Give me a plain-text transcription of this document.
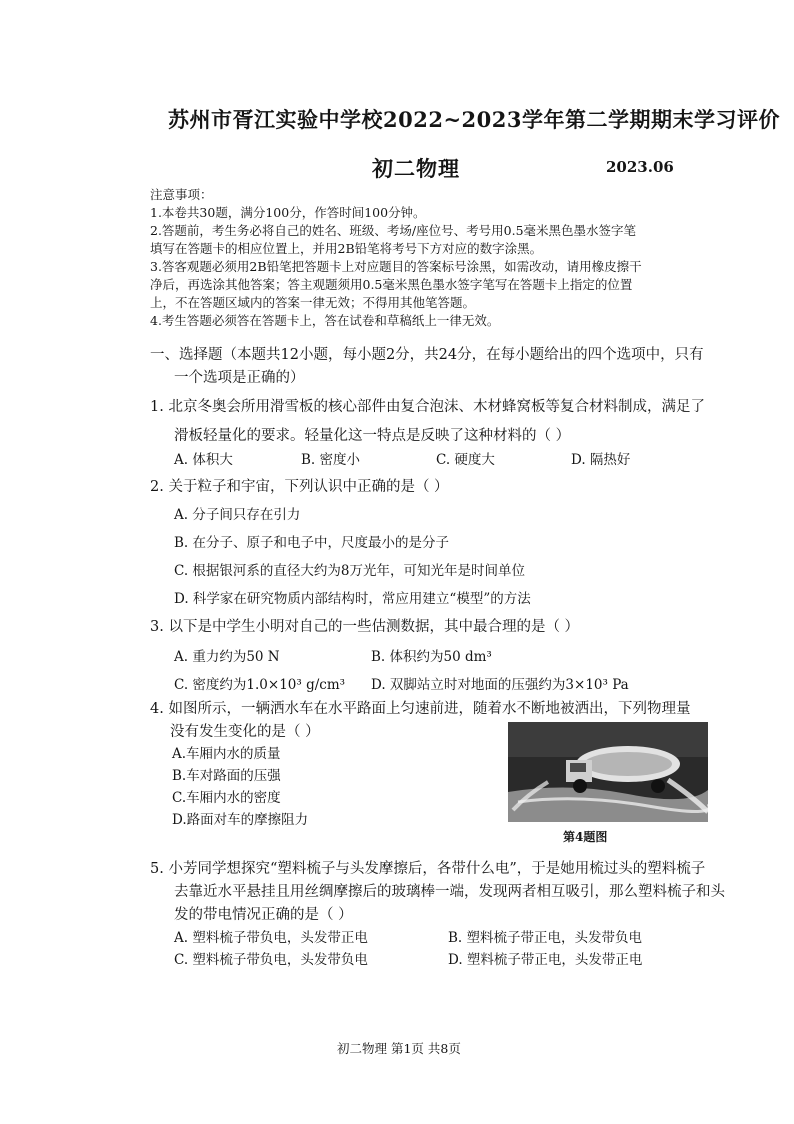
苏州市胥江实验中学校2022~2023学年第二学期期末学习评价
初二物理	2023.06
注意事项：
1.本卷共30题，满分100分，作答时间100分钟。
2.答题前，考生务必将自己的姓名、班级、考场/座位号、考号用0.5毫米黑色墨水签字笔
填写在答题卡的相应位置上，并用2B铅笔将考号下方对应的数字涂黑。
3.答客观题必须用2B铅笔把答题卡上对应题目的答案标号涂黑，如需改动，请用橡皮擦干
净后，再选涂其他答案；答主观题须用0.5毫米黑色墨水签字笔写在答题卡上指定的位置
上，不在答题区域内的答案一律无效；不得用其他笔答题。
4.考生答题必须答在答题卡上，答在试卷和草稿纸上一律无效。
一、选择题（本题共12小题，每小题2分，共24分，在每小题给出的四个选项中，只有
一个选项是正确的）
1. 北京冬奥会所用滑雪板的核心部件由复合泡沫、木材蜂窝板等复合材料制成，满足了
滑板轻量化的要求。轻量化这一特点是反映了这种材料的（ ）
A. 体积大	B. 密度小	C. 硬度大	D. 隔热好
2. 关于粒子和宇宙，下列认识中正确的是（ ）
A. 分子间只存在引力
B. 在分子、原子和电子中，尺度最小的是分子
C. 根据银河系的直径大约为8万光年，可知光年是时间单位
D. 科学家在研究物质内部结构时，常应用建立“模型”的方法
3. 以下是中学生小明对自己的一些估测数据，其中最合理的是（ ）
A. 重力约为50 N	B. 体积约为50 dm³
C. 密度约为1.0×10³ g/cm³ D. 双脚站立时对地面的压强约为3×10³ Pa
4. 如图所示，一辆洒水车在水平路面上匀速前进，随着水不断地被洒出，下列物理量
没有发生变化的是（ ）
A.车厢内水的质量
B.车对路面的压强
C.车厢内水的密度
D.路面对车的摩擦阻力
第4题图
5. 小芳同学想探究“塑料梳子与头发摩擦后，各带什么电”，于是她用梳过头的塑料梳子
去靠近水平悬挂且用丝绸摩擦后的玻璃棒一端，发现两者相互吸引，那么塑料梳子和头
发的带电情况正确的是（ ）
A. 塑料梳子带负电，头发带正电	B. 塑料梳子带正电，头发带负电
C. 塑料梳子带负电，头发带负电	D. 塑料梳子带正电，头发带正电
初二物理 第1页 共8页
